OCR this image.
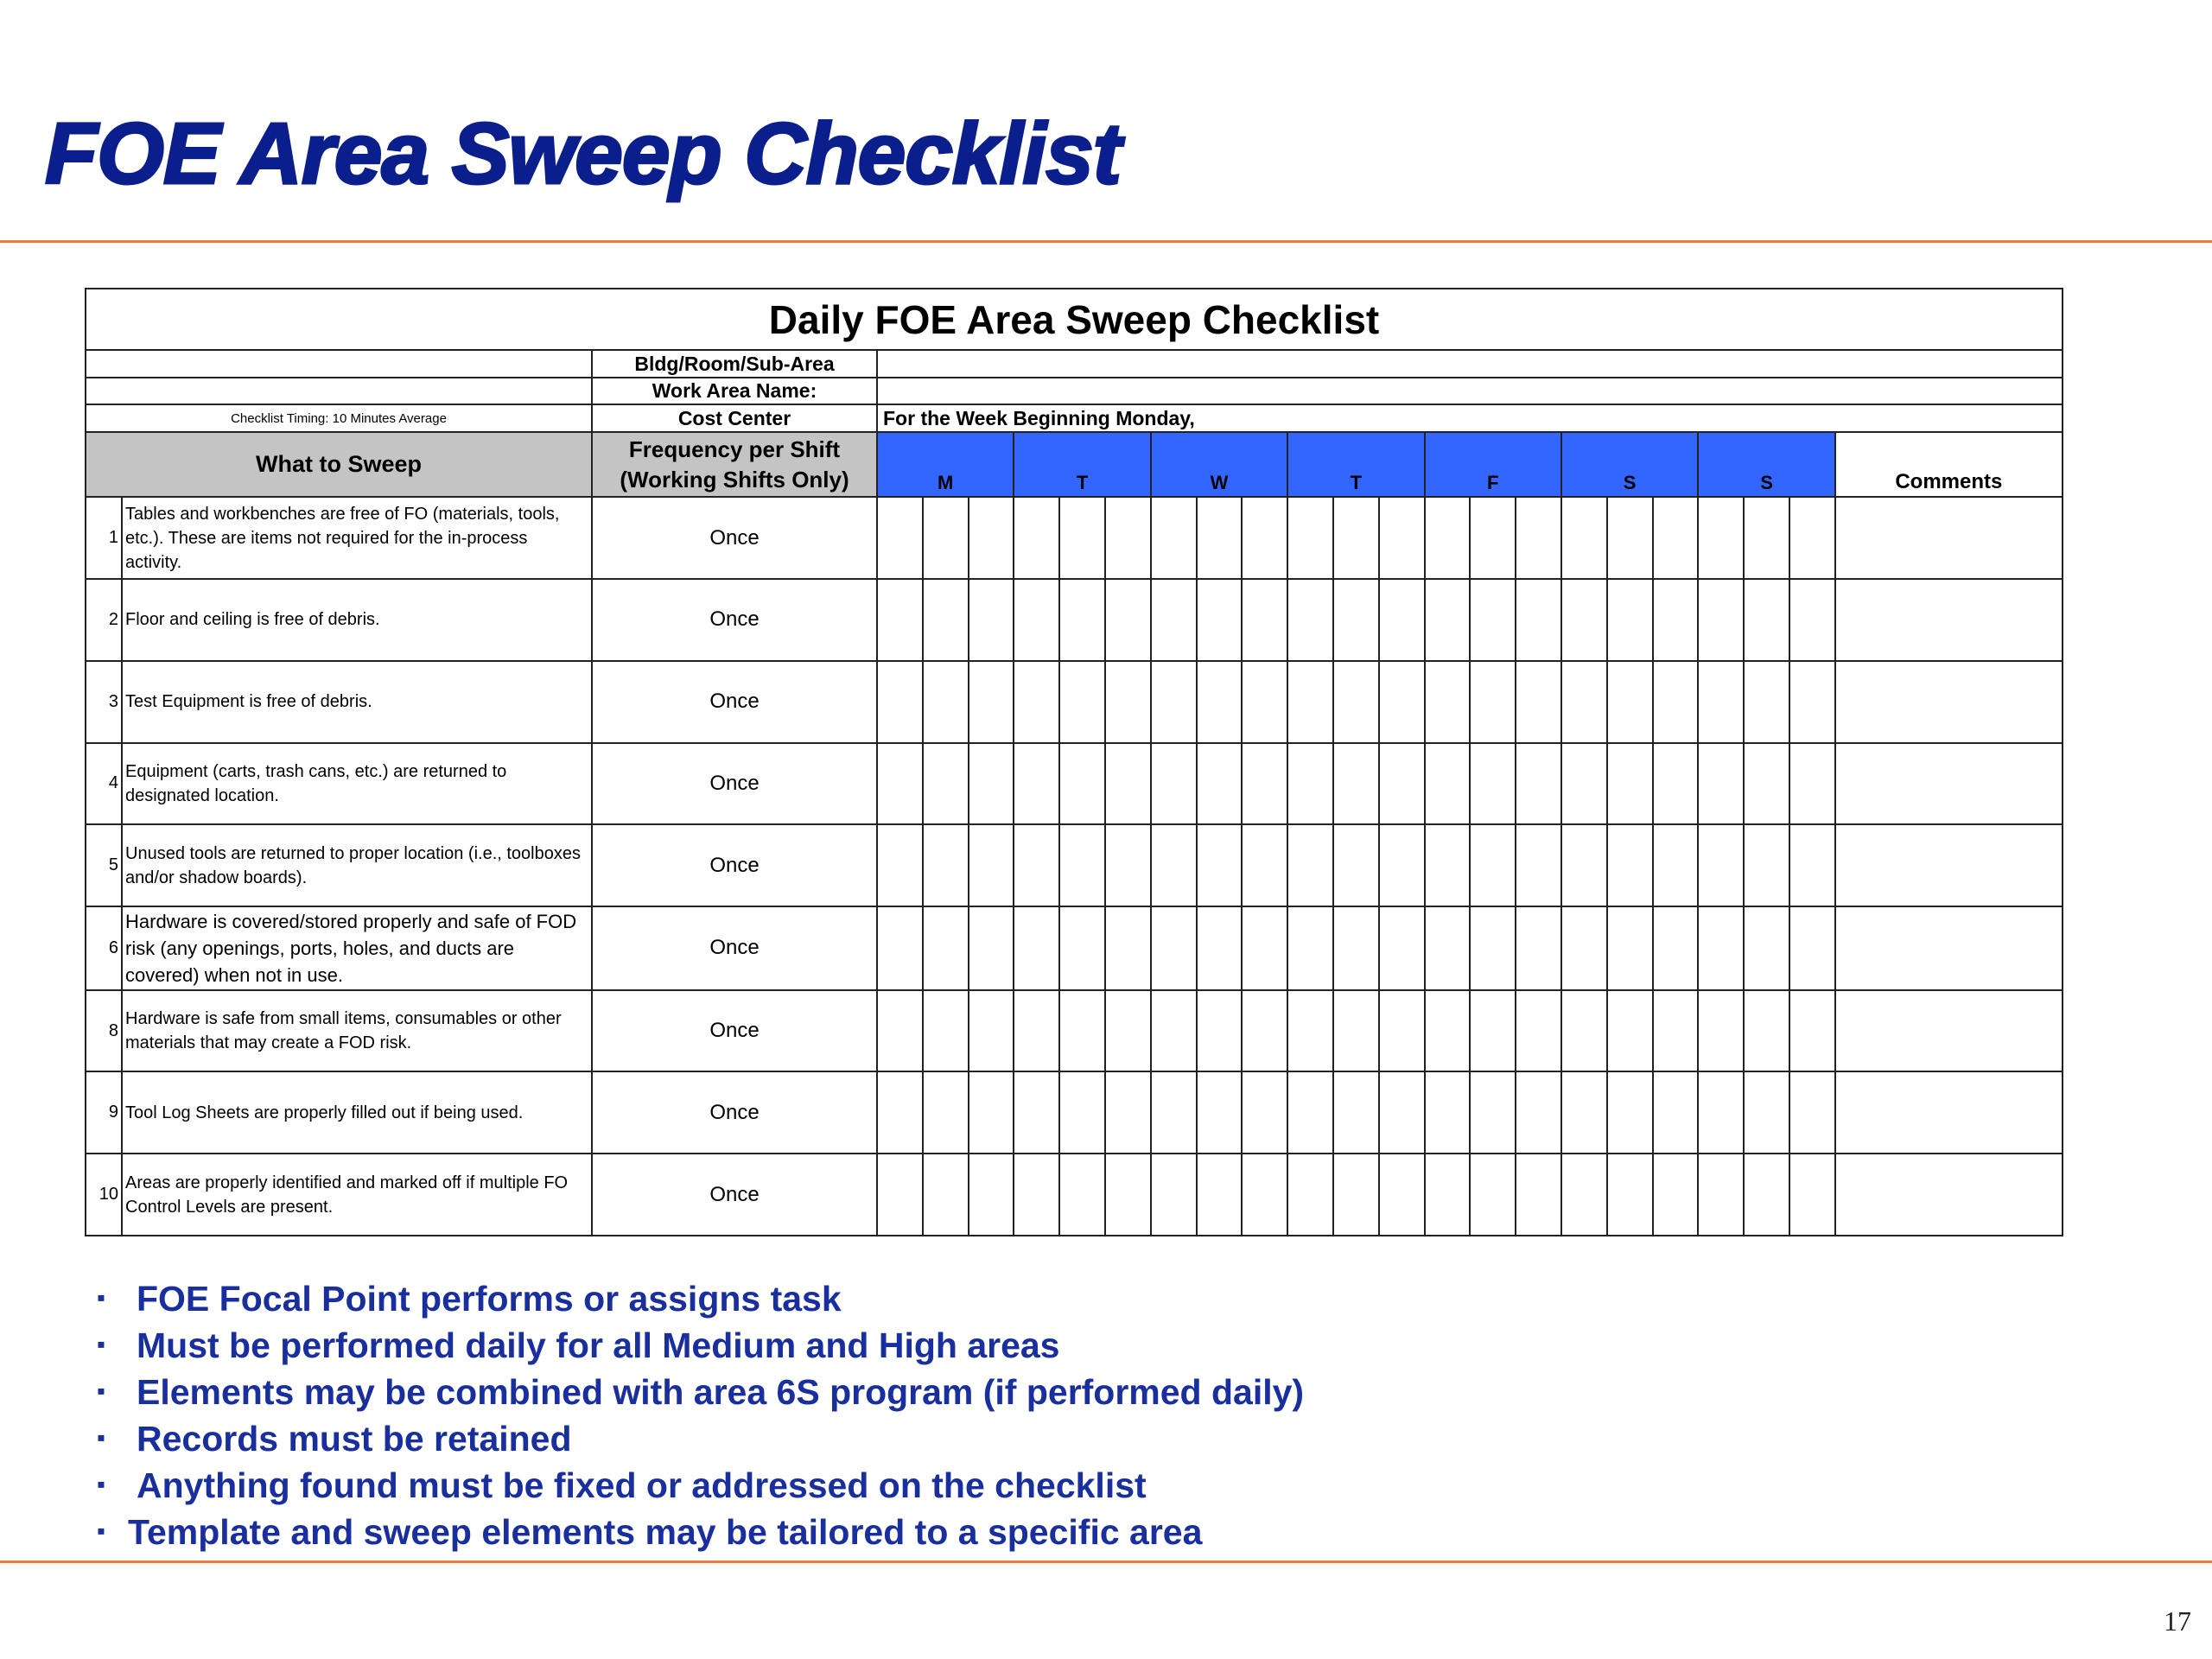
FOE Area Sweep Checklist
Daily FOE Area Sweep Checklist																								
		Bldg/Room/Sub-Area																						
		Work Area Name:																						
Checklist Timing: 10 Minutes Average		Cost Center	For the Week Beginning Monday,																					
What to Sweep		Frequency per Shift
(Working Shifts Only)	M			T			W			T			F			S			S			Comments
1	Tables and workbenches are free of FO (materials, tools, etc.). These are items not required for the in-process activity.	Once																						
2	Floor and ceiling is free of debris.	Once																						
3	Test Equipment is free of debris.	Once																						
4	Equipment (carts, trash cans, etc.) are returned to designated location.	Once																						
5	Unused tools are returned to proper location (i.e., toolboxes and/or shadow boards).	Once																						
6	Hardware is covered/stored properly and safe of FOD risk (any openings, ports, holes, and ducts are covered) when not in use.	Once																						
8	Hardware is safe from small items, consumables or other materials that may create a FOD risk.	Once																						
9	Tool Log Sheets are properly filled out if being used.	Once																						
10	Areas are properly identified and marked off if multiple FO Control Levels are present.	Once																						
▪ FOE Focal Point performs or assigns task
▪ Must be performed daily for all Medium and High areas
▪ Elements may be combined with area 6S program (if performed daily)
▪ Records must be retained
▪ Anything found must be fixed or addressed on the checklist
▪ Template and sweep elements may be tailored to a specific area
17
